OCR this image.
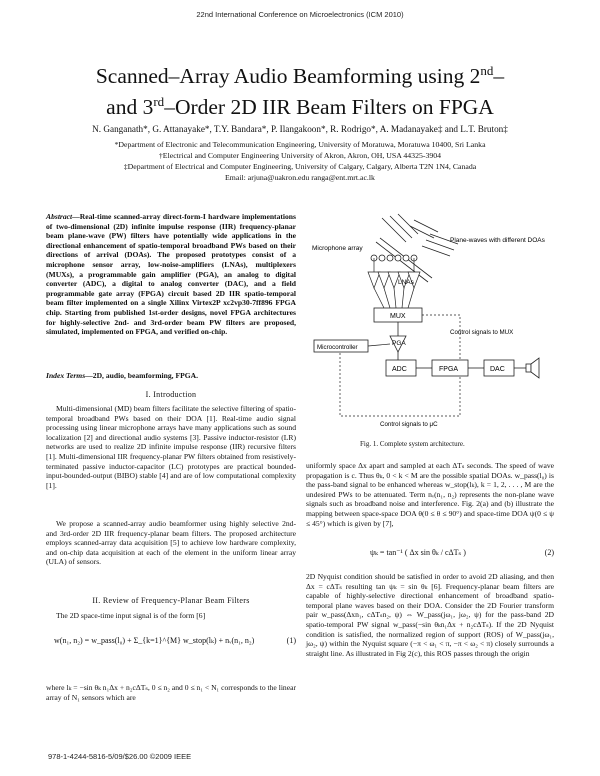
22nd International Conference on Microelectronics (ICM 2010)
Scanned–Array Audio Beamforming using 2nd–
and 3rd–Order 2D IIR Beam Filters on FPGA
N. Ganganath*, G. Attanayake*, T.Y. Bandara*, P. Ilangakoon*, R. Rodrigo*, A. Madanayake‡ and L.T. Bruton‡
*Department of Electronic and Telecommunication Engineering, University of Moratuwa, Moratuwa 10400, Sri Lanka
†Electrical and Computer Engineering University of Akron, Akron, OH, USA 44325-3904
‡Department of Electrical and Computer Engineering, University of Calgary, Calgary, Alberta T2N 1N4, Canada
Email: arjuna@uakron.edu ranga@ent.mrt.ac.lk
Abstract—Real-time scanned-array direct-form-I hardware implementations of two-dimensional (2D) infinite impulse response (IIR) frequency-planar beam plane-wave (PW) filters have potentially wide applications in the directional enhancement of spatio-temporal broadband PWs based on their directions of arrival (DOAs). The proposed prototypes consist of a microphone sensor array, low-noise-amplifiers (LNAs), multiplexers (MUXs), a programmable gain amplifier (PGA), an analog to digital converter (ADC), a digital to analog converter (DAC), and a field programmable gate array (FPGA) circuit based 2D IIR spatio-temporal beam filter implemented on a single Xilinx Virtex2P xc2vp30-7ff896 FPGA chip. Starting from published 1st-order designs, novel FPGA architectures for highly-selective 2nd- and 3rd-order beam PW filters are proposed, simulated, implemented on FPGA, and verified on-chip.
Index Terms—2D, audio, beamforming, FPGA.
I. Introduction
Multi-dimensional (MD) beam filters facilitate the selective filtering of spatio-temporal broadband PWs based on their DOA [1]. Real-time audio signal processing using linear microphone arrays have many applications such as sound localization [2] and directional audio systems [3]. Passive inductor-resistor (LR) networks are used to realize 2D infinite impulse response (IIR) recursive filters [1]. Multi-dimensional IIR frequency-planar PW filters obtained from resistively-terminated passive inductor-capacitor (LC) prototypes are practical bounded-input-bounded-output (BIBO) stable [4] and are of low computational complexity [1].
We propose a scanned-array audio beamformer using highly selective 2nd- and 3rd-order 2D IIR frequency-planar beam filters. The proposed architecture employs scanned-array data acquisition [5] to achieve low hardware complexity, and on-chip data acquisition at each of the element in the uniform linear array (ULA) of sensors.
II. Review of Frequency-Planar Beam Filters
The 2D space-time input signal is of the form [6]
w(n₁, n₂) = w_pass(l₀) + Σ_{k=1}^{M} w_stop(lₖ) + nᵥ(n₁, n₂)	(1)
where lₖ = −sin θₖ n₁Δx + n₂cΔTₛ, 0 ≤ n₂ and 0 ≤ n₁ < N₁ corresponds to the linear array of N₁ sensors which are
Microphone array
Plane-waves with different DOAs
LNAs
MUX
PGA
Microcontroller
Control signals to MUX
Control signals to μC
ADC	FPGA	DAC
Fig. 1. Complete system architecture.
uniformly space Δx apart and sampled at each ΔTₛ seconds. The speed of wave propagation is c. Thus θₖ, 0 < k < M are the possible spatial DOAs. w_pass(l₀) is the pass-band signal to be enhanced whereas w_stop(lₖ), k = 1, 2, . . . , M are the undesired PWs to be attenuated. Term nᵥ(n₁, n₂) represents the non-plane wave signals such as broadband noise and interference. Fig. 2(a) and (b) illustrate the mapping between space-space DOA θ(0 ≤ θ ≤ 90°) and space-time DOA ψ(0 ≤ ψ ≤ 45°) which is given by [7],
ψₖ = tan⁻¹ ( Δx sin θₖ / cΔTₛ )	(2)
2D Nyquist condition should be satisfied in order to avoid 2D aliasing, and then Δx = cΔTₛ resulting tan ψₖ = sin θₖ [6]. Frequency-planar beam filters are capable of highly-selective directional enhancement of broadband spatio-temporal plane waves based on their DOA. Consider the 2D Fourier transform pair w_pass(Δxn₁, cΔTₛn₂, ψ) ⇔ W_pass(jω₁, jω₂, ψ) for the pass-band 2D spatio-temporal PW signal w_pass(−sin θₖn₁Δx + n₂cΔTₛ). If the 2D Nyquist condition is satisfied, the normalized region of support (ROS) of W_pass(jω₁, jω₂, ψ) within the Nyquist square (−π < ω₁ < π, −π < ω₂ < π) closely surrounds a straight line. As illustrated in Fig 2(c), this ROS passes through the origin
978-1-4244-5816-5/09/$26.00 ©2009 IEEE
